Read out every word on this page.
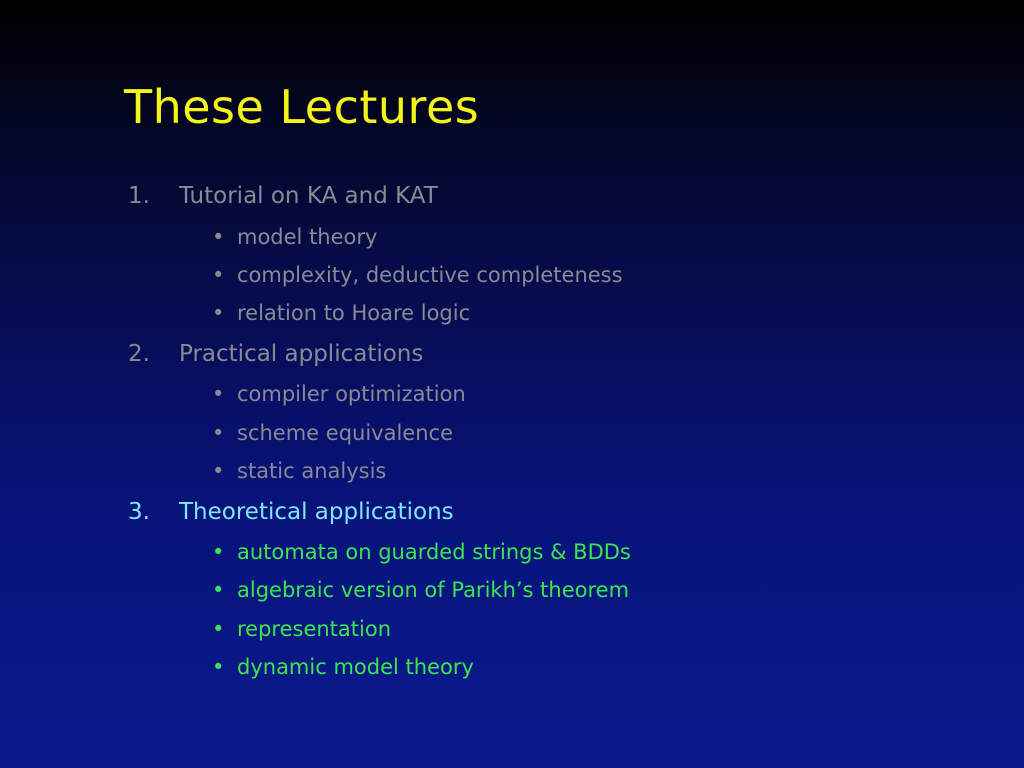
These Lectures
1. Tutorial on KA and KAT
• model theory
• complexity, deductive completeness
• relation to Hoare logic
2. Practical applications
• compiler optimization
• scheme equivalence
• static analysis
3. Theoretical applications
• automata on guarded strings & BDDs
• algebraic version of Parikh’s theorem
• representation
• dynamic model theory
